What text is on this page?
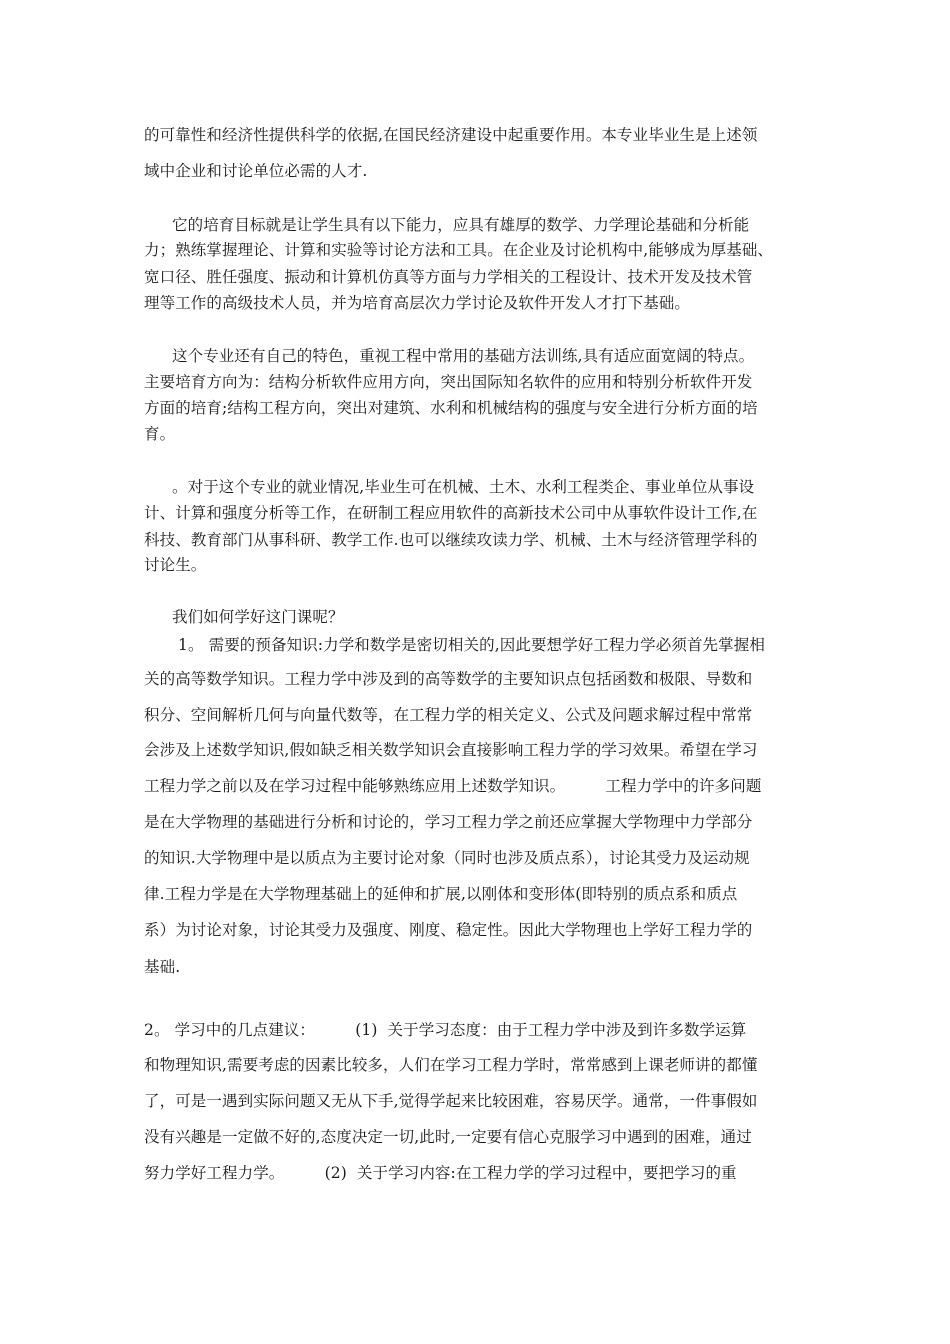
的可靠性和经济性提供科学的依据,在国民经济建设中起重要作用。本专业毕业生是上述领
域中企业和讨论单位必需的人才.
它的培育目标就是让学生具有以下能力，应具有雄厚的数学、力学理论基础和分析能
力；熟练掌握理论、计算和实验等讨论方法和工具。在企业及讨论机构中,能够成为厚基础、
宽口径、胜任强度、振动和计算机仿真等方面与力学相关的工程设计、技术开发及技术管
理等工作的高级技术人员，并为培育高层次力学讨论及软件开发人才打下基础。
这个专业还有自己的特色，重视工程中常用的基础方法训练,具有适应面宽阔的特点。
主要培育方向为：结构分析软件应用方向，突出国际知名软件的应用和特别分析软件开发
方面的培育;结构工程方向，突出对建筑、水利和机械结构的强度与安全进行分析方面的培
育。
。对于这个专业的就业情况,毕业生可在机械、土木、水利工程类企、事业单位从事设
计、计算和强度分析等工作，在研制工程应用软件的高新技术公司中从事软件设计工作,在
科技、教育部门从事科研、教学工作.也可以继续攻读力学、机械、土木与经济管理学科的
讨论生。
我们如何学好这门课呢？
1。 需要的预备知识:力学和数学是密切相关的,因此要想学好工程力学必须首先掌握相
关的高等数学知识。工程力学中涉及到的高等数学的主要知识点包括函数和极限、导数和
积分、空间解析几何与向量代数等，在工程力学的相关定义、公式及问题求解过程中常常
会涉及上述数学知识,假如缺乏相关数学知识会直接影响工程力学的学习效果。希望在学习
工程力学之前以及在学习过程中能够熟练应用上述数学知识。        工程力学中的许多问题
是在大学物理的基础进行分析和讨论的，学习工程力学之前还应掌握大学物理中力学部分
的知识.大学物理中是以质点为主要讨论对象（同时也涉及质点系），讨论其受力及运动规
律.工程力学是在大学物理基础上的延伸和扩展,以刚体和变形体(即特别的质点系和质点
系）为讨论对象，讨论其受力及强度、刚度、稳定性。因此大学物理也上学好工程力学的
基础.
2。 学习中的几点建议：        (1)  关于学习态度：由于工程力学中涉及到许多数学运算
和物理知识,需要考虑的因素比较多，人们在学习工程力学时，常常感到上课老师讲的都懂
了，可是一遇到实际问题又无从下手,觉得学起来比较困难，容易厌学。通常，一件事假如
没有兴趣是一定做不好的,态度决定一切,此时,一定要有信心克服学习中遇到的困难，通过
努力学好工程力学。        (2)  关于学习内容:在工程力学的学习过程中，要把学习的重
